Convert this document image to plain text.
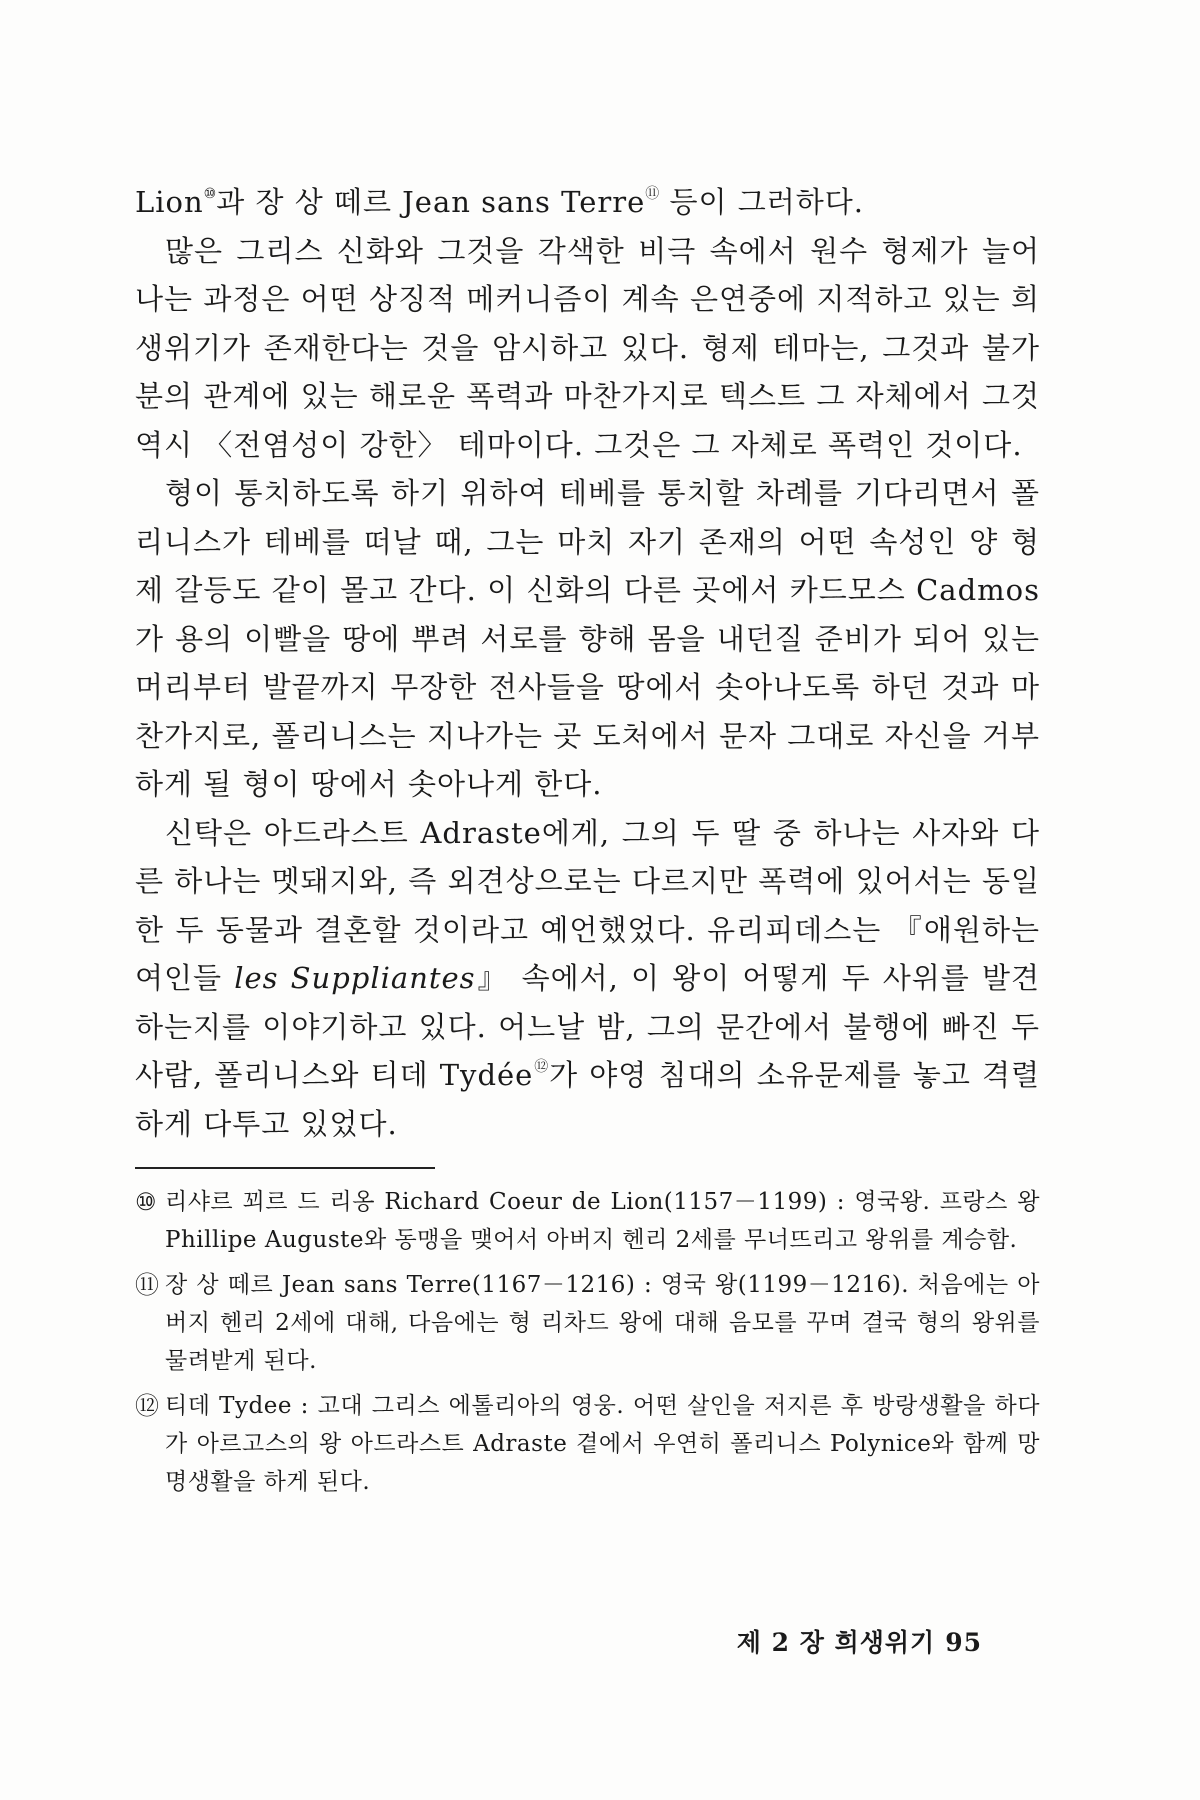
Lion⑩과 장 상 떼르 Jean sans Terre⑪ 등이 그러하다.

많은 그리스 신화와 그것을 각색한 비극 속에서 원수 형제가 늘어나는 과정은 어떤 상징적 메커니즘이 계속 은연중에 지적하고 있는 희생위기가 존재한다는 것을 암시하고 있다. 형제 테마는, 그것과 불가분의 관계에 있는 해로운 폭력과 마찬가지로 텍스트 그 자체에서 그것 역시 〈전염성이 강한〉 테마이다. 그것은 그 자체로 폭력인 것이다.

형이 통치하도록 하기 위하여 테베를 통치할 차례를 기다리면서 폴리니스가 테베를 떠날 때, 그는 마치 자기 존재의 어떤 속성인 양 형제 갈등도 같이 몰고 간다. 이 신화의 다른 곳에서 카드모스 Cadmos가 용의 이빨을 땅에 뿌려 서로를 향해 몸을 내던질 준비가 되어 있는 머리부터 발끝까지 무장한 전사들을 땅에서 솟아나도록 하던 것과 마찬가지로, 폴리니스는 지나가는 곳 도처에서 문자 그대로 자신을 거부하게 될 형이 땅에서 솟아나게 한다.

신탁은 아드라스트 Adraste에게, 그의 두 딸 중 하나는 사자와 다른 하나는 멧돼지와, 즉 외견상으로는 다르지만 폭력에 있어서는 동일한 두 동물과 결혼할 것이라고 예언했었다. 유리피데스는 『애원하는 여인들 les Suppliantes』 속에서, 이 왕이 어떻게 두 사위를 발견하는지를 이야기하고 있다. 어느날 밤, 그의 문간에서 불행에 빠진 두 사람, 폴리니스와 티데 Tydée⑫가 야영 침대의 소유문제를 놓고 격렬하게 다투고 있었다.

⑩ 리샤르 꾀르 드 리옹 Richard Coeur de Lion(1157－1199) : 영국왕. 프랑스 왕 Phillipe Auguste와 동맹을 맺어서 아버지 헨리 2세를 무너뜨리고 왕위를 계승함.
⑪ 장 상 떼르 Jean sans Terre(1167－1216) : 영국 왕(1199－1216). 처음에는 아버지 헨리 2세에 대해, 다음에는 형 리차드 왕에 대해 음모를 꾸며 결국 형의 왕위를 물려받게 된다.
⑫ 티데 Tydee : 고대 그리스 에톨리아의 영웅. 어떤 살인을 저지른 후 방랑생활을 하다가 아르고스의 왕 아드라스트 Adraste 곁에서 우연히 폴리니스 Polynice와 함께 망명생활을 하게 된다.
제 2 장 희생위기 95
